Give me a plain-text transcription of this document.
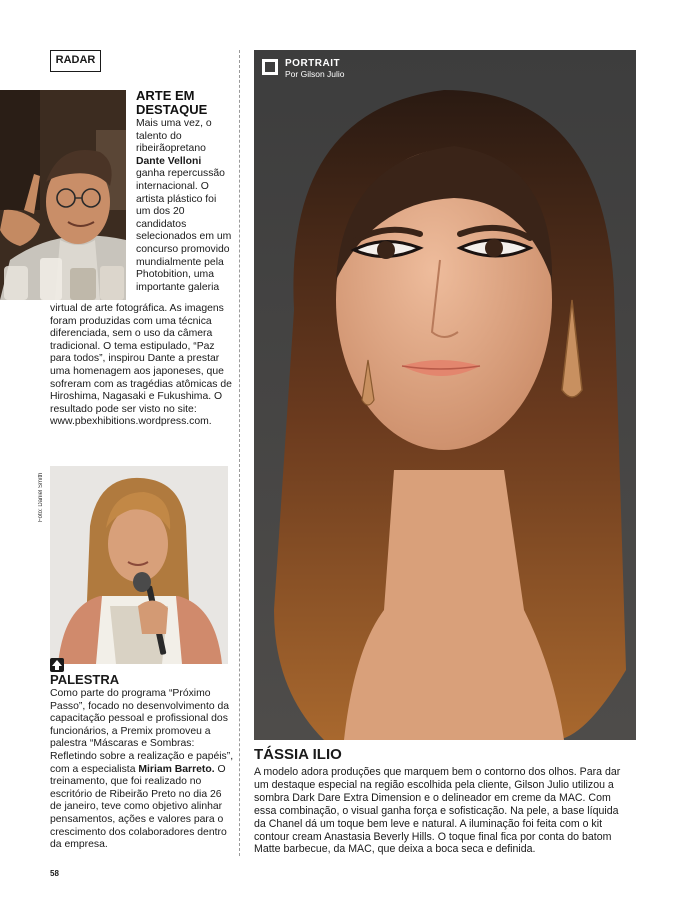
RADAR
ARTE EM DESTAQUE

Mais uma vez, o talento do ribeirãopretano Dante Velloni ganha repercussão internacional. O artista plástico foi um dos 20 candidatos selecionados em um concurso promovido mundialmente pela Photobition, uma importante galeria

virtual de arte fotográfica. As imagens foram produzidas com uma técnica diferenciada, sem o uso da câmera tradicional. O tema estipulado, “Paz para todos”, inspirou Dante a prestar uma homenagem aos japoneses, que sofreram com as tragédias atômicas de Hiroshima, Nagasaki e Fukushima. O resultado pode ser visto no site: www.pbexhibitions.wordpress.com.

Foto: Daniel Smith
PALESTRA

Como parte do programa “Próximo Passo”, focado no desenvolvimento da capacitação pessoal e profissional dos funcionários, a Premix promoveu a palestra “Máscaras e Sombras: Refletindo sobre a realização e papéis”, com a especialista Miriam Barreto. O treinamento, que foi realizado no escritório de Ribeirão Preto no dia 26 de janeiro, teve como objetivo alinhar pensamentos, ações e valores para o crescimento dos colaboradores dentro da empresa.

PORTRAIT
Por Gilson Julio
TÁSSIA ILIO

A modelo adora produções que marquem bem o contorno dos olhos. Para dar um destaque especial na região escolhida pela cliente, Gilson Julio utilizou a sombra Dark Dare Extra Dimension e o delineador em creme da MAC. Com essa combinação, o visual ganha força e sofisticação. Na pele, a base líquida da Chanel dá um toque bem leve e natural. A iluminação foi feita com o kit contour cream Anastasia Beverly Hills. O toque final fica por conta do batom Matte barbecue, da MAC, que deixa a boca seca e definida.

58
